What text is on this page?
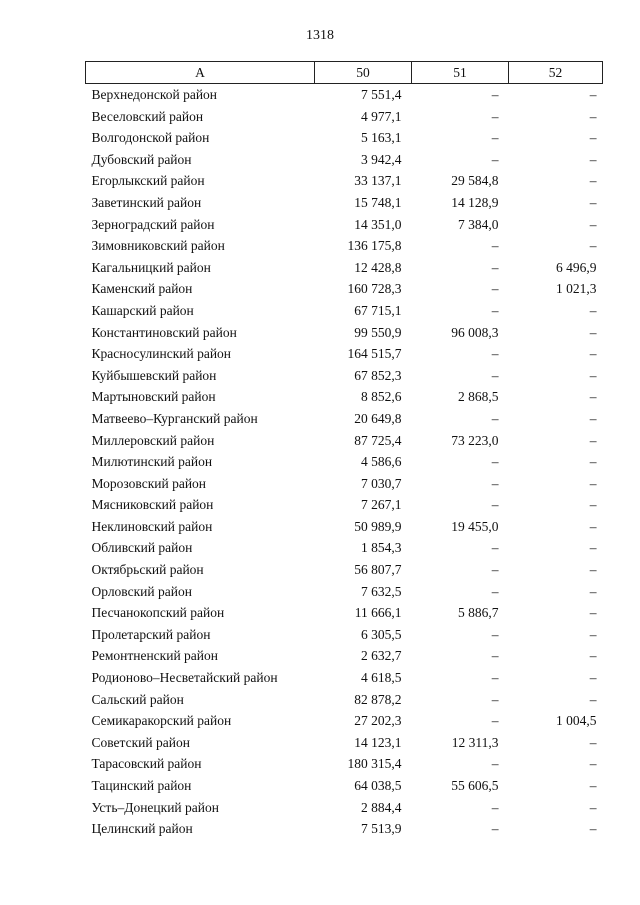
1318
А	50	51	52
Верхнедонской район	7 551,4	–	–
Веселовский район	4 977,1	–	–
Волгодонской район	5 163,1	–	–
Дубовский район	3 942,4	–	–
Егорлыкский район	33 137,1	29 584,8	–
Заветинский район	15 748,1	14 128,9	–
Зерноградский район	14 351,0	7 384,0	–
Зимовниковский район	136 175,8	–	–
Кагальницкий район	12 428,8	–	6 496,9
Каменский район	160 728,3	–	1 021,3
Кашарский район	67 715,1	–	–
Константиновский район	99 550,9	96 008,3	–
Красносулинский район	164 515,7	–	–
Куйбышевский район	67 852,3	–	–
Мартыновский район	8 852,6	2 868,5	–
Матвеево–Курганский район	20 649,8	–	–
Миллеровский район	87 725,4	73 223,0	–
Милютинский район	4 586,6	–	–
Морозовский район	7 030,7	–	–
Мясниковский район	7 267,1	–	–
Неклиновский район	50 989,9	19 455,0	–
Обливский район	1 854,3	–	–
Октябрьский район	56 807,7	–	–
Орловский район	7 632,5	–	–
Песчанокопский район	11 666,1	5 886,7	–
Пролетарский район	6 305,5	–	–
Ремонтненский район	2 632,7	–	–
Родионово–Несветайский район	4 618,5	–	–
Сальский район	82 878,2	–	–
Семикаракорский район	27 202,3	–	1 004,5
Советский район	14 123,1	12 311,3	–
Тарасовский район	180 315,4	–	–
Тацинский район	64 038,5	55 606,5	–
Усть–Донецкий район	2 884,4	–	–
Целинский район	7 513,9	–	–
